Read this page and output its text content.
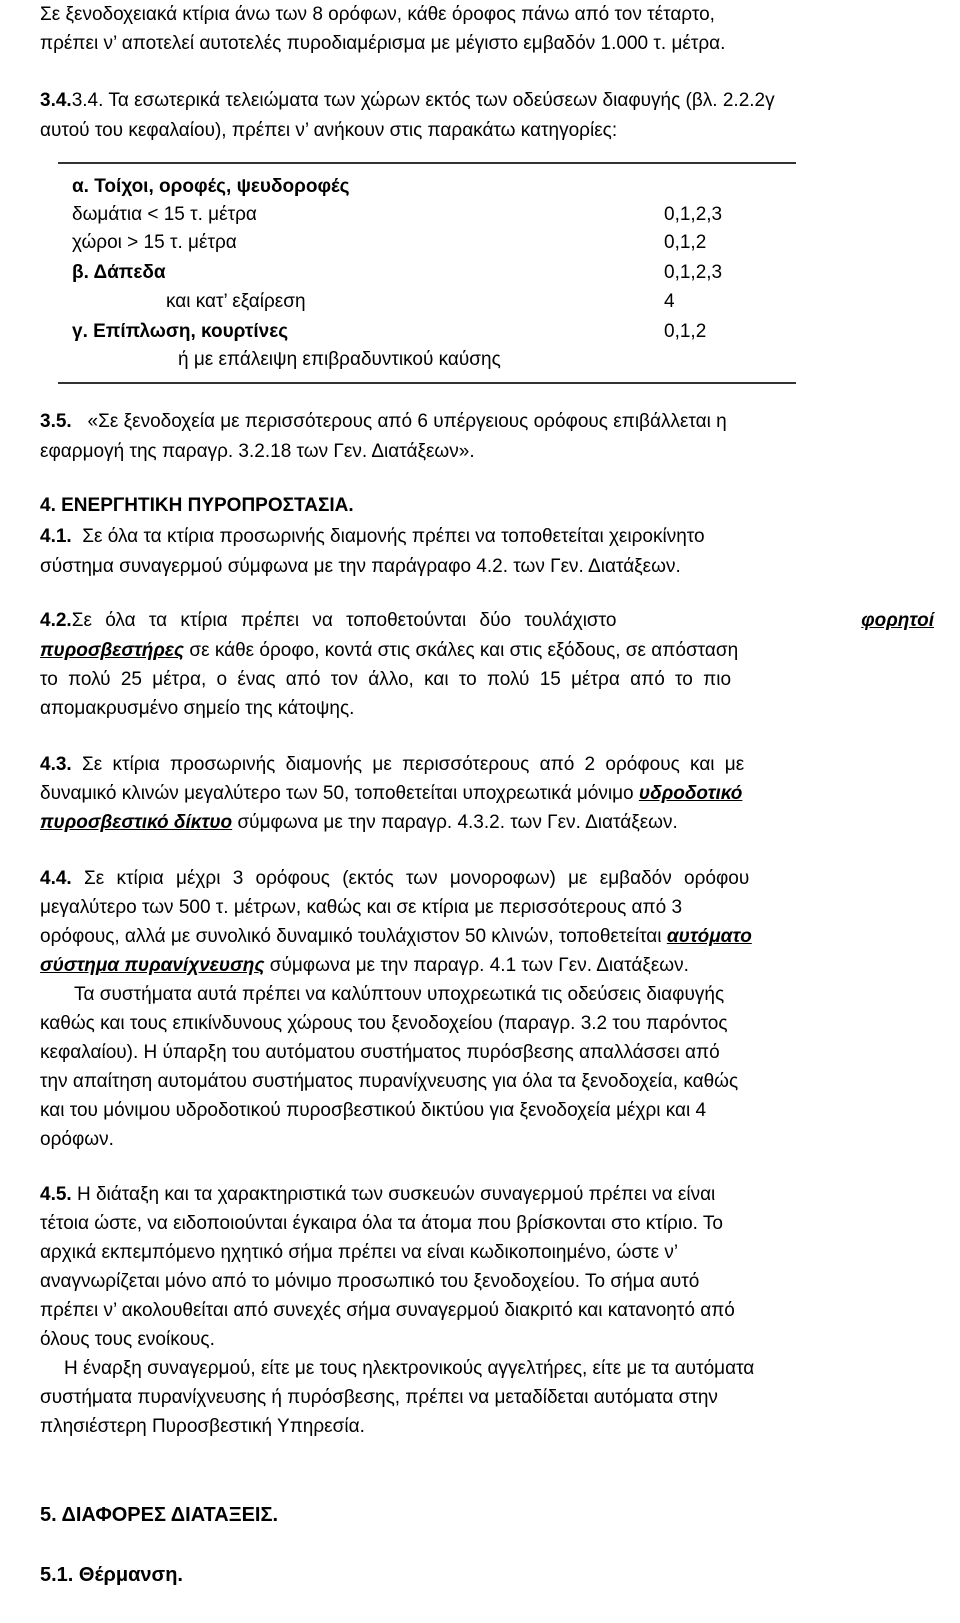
Σε ξενοδοχειακά κτίρια άνω των 8 ορόφων, κάθε όροφος πάνω από τον τέταρτο,

πρέπει ν’ αποτελεί αυτοτελές πυροδιαμέρισμα με μέγιστο εμβαδόν 1.000 τ. μέτρα.

3.4.3.4. Τα εσωτερικά τελειώματα των χώρων εκτός των οδεύσεων διαφυγής (βλ. 2.2.2γ

αυτού του κεφαλαίου), πρέπει ν’ ανήκουν στις παρακάτω κατηγορίες:

α. Τοίχοι, οροφές, ψευδοροφές
δωμάτια < 15 τ. μέτρα	0,1,2,3
χώροι > 15 τ. μέτρα	0,1,2
β. Δάπεδα	0,1,2,3
και κατ’ εξαίρεση	4
γ. Επίπλωση, κουρτίνες	0,1,2
ή με επάλειψη επιβραδυντικού καύσης

3.5. «Σε ξενοδοχεία με περισσότερους από 6 υπέργειους ορόφους επιβάλλεται η

εφαρμογή της παραγρ. 3.2.18 των Γεν. Διατάξεων».

4. ΕΝΕΡΓΗΤΙΚΗ ΠΥΡΟΠΡΟΣΤΑΣΙΑ.

4.1. Σε όλα τα κτίρια προσωρινής διαμονής πρέπει να τοποθετείται χειροκίνητο

σύστημα συναγερμού σύμφωνα με την παράγραφο 4.2. των Γεν. Διατάξεων.

4.2.Σε όλα τα κτίρια πρέπει να τοποθετούνται δύο τουλάχιστο	φορητοί

πυροσβεστήρες σε κάθε όροφο, κοντά στις σκάλες και στις εξόδους, σε απόσταση

το πολύ 25 μέτρα, ο ένας από τον άλλο, και το πολύ 15 μέτρα από το πιο

απομακρυσμένο σημείο της κάτοψης.

4.3. Σε κτίρια προσωρινής διαμονής με περισσότερους από 2 ορόφους και με

δυναμικό κλινών μεγαλύτερο των 50, τοποθετείται υποχρεωτικά μόνιμο υδροδοτικό

πυροσβεστικό δίκτυο σύμφωνα με την παραγρ. 4.3.2. των Γεν. Διατάξεων.

4.4. Σε κτίρια μέχρι 3 ορόφους (εκτός των μονοροφων) με εμβαδόν ορόφου

μεγαλύτερο των 500 τ. μέτρων, καθώς και σε κτίρια με περισσότερους από 3

ορόφους, αλλά με συνολικό δυναμικό τουλάχιστον 50 κλινών, τοποθετείται αυτόματο

σύστημα πυρανίχνευσης σύμφωνα με την παραγρ. 4.1 των Γεν. Διατάξεων.

Τα συστήματα αυτά πρέπει να καλύπτουν υποχρεωτικά τις οδεύσεις διαφυγής

καθώς και τους επικίνδυνους χώρους του ξενοδοχείου (παραγρ. 3.2 του παρόντος

κεφαλαίου). Η ύπαρξη του αυτόματου συστήματος πυρόσβεσης απαλλάσσει από

την απαίτηση αυτομάτου συστήματος πυρανίχνευσης για όλα τα ξενοδοχεία, καθώς

και του μόνιμου υδροδοτικού πυροσβεστικού δικτύου για ξενοδοχεία μέχρι και 4

ορόφων.

4.5. Η διάταξη και τα χαρακτηριστικά των συσκευών συναγερμού πρέπει να είναι

τέτοια ώστε, να ειδοποιούνται έγκαιρα όλα τα άτομα που βρίσκονται στο κτίριο. Το

αρχικά εκπεμπόμενο ηχητικό σήμα πρέπει να είναι κωδικοποιημένο, ώστε ν’

αναγνωρίζεται μόνο από το μόνιμο προσωπικό του ξενοδοχείου. Το σήμα αυτό

πρέπει ν’ ακολουθείται από συνεχές σήμα συναγερμού διακριτό και κατανοητό από

όλους τους ενοίκους.

Η έναρξη συναγερμού, είτε με τους ηλεκτρονικούς αγγελτήρες, είτε με τα αυτόματα

συστήματα πυρανίχνευσης ή πυρόσβεσης, πρέπει να μεταδίδεται αυτόματα στην

πλησιέστερη Πυροσβεστική Υπηρεσία.

5. ΔΙΑΦΟΡΕΣ ΔΙΑΤΑΞΕΙΣ.

5.1. Θέρμανση.
